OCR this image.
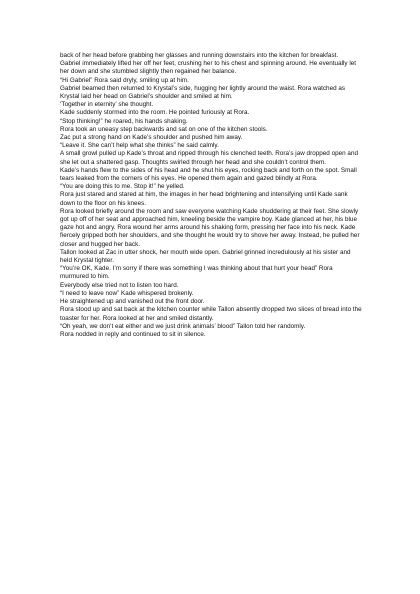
back of her head before grabbing her glasses and running downstairs into the kitchen for breakfast.

Gabriel immediately lifted her off her feet, crushing her to his chest and spinning around. He eventually let her down and she stumbled slightly then regained her balance.

“Hi Gabriel” Rora said dryly, smiling up at him.

Gabriel beamed then returned to Krystal’s side, hugging her lightly around the waist. Rora watched as Krystal laid her head on Gabriel’s shoulder and smiled at him.

‘Together in eternity’ she thought.

Kade suddenly stormed into the room. He pointed furiously at Rora.

“Stop thinking!” he roared, his hands shaking.

Rora took an uneasy step backwards and sat on one of the kitchen stools.

Zac put a strong hand on Kade’s shoulder and pushed him away.

“Leave it. She can’t help what she thinks” he said calmly.

A small growl pulled up Kade’s throat and ripped through his clenched teeth. Rora’s jaw dropped open and she let out a shattered gasp. Thoughts swirled through her head and she couldn’t control them.

Kade’s hands flew to the sides of his head and he shut his eyes, rocking back and forth on the spot. Small tears leaked from the corners of his eyes. He opened them again and gazed blindly at Rora.

“You are doing this to me. Stop it!” he yelled.

Rora just stared and stared at him, the images in her head brightening and intensifying until Kade sank down to the floor on his knees.

Rora looked briefly around the room and saw everyone watching Kade shuddering at their feet. She slowly got up off of her seat and approached him, kneeling beside the vampire boy. Kade glanced at her, his blue gaze hot and angry. Rora wound her arms around his shaking form, pressing her face into his neck. Kade fiercely gripped both her shoulders, and she thought he would try to shove her away. Instead, he pulled her closer and hugged her back.

Tallon looked at Zac in utter shock, her mouth wide open. Gabriel grinned incredulously at his sister and held Krystal tighter.

“You’re OK, Kade. I’m sorry if there was something I was thinking about that hurt your head” Rora murmured to him.

Everybody else tried not to listen too hard.

“I need to leave now” Kade whispered brokenly.

He straightened up and vanished out the front door.

Rora stood up and sat back at the kitchen counter while Tallon absently dropped two slices of bread into the toaster for her. Rora looked at her and smiled distantly.

“Oh yeah, we don’t eat either and we just drink animals’ blood” Tallon told her randomly.

Rora nodded in reply and continued to sit in silence.
